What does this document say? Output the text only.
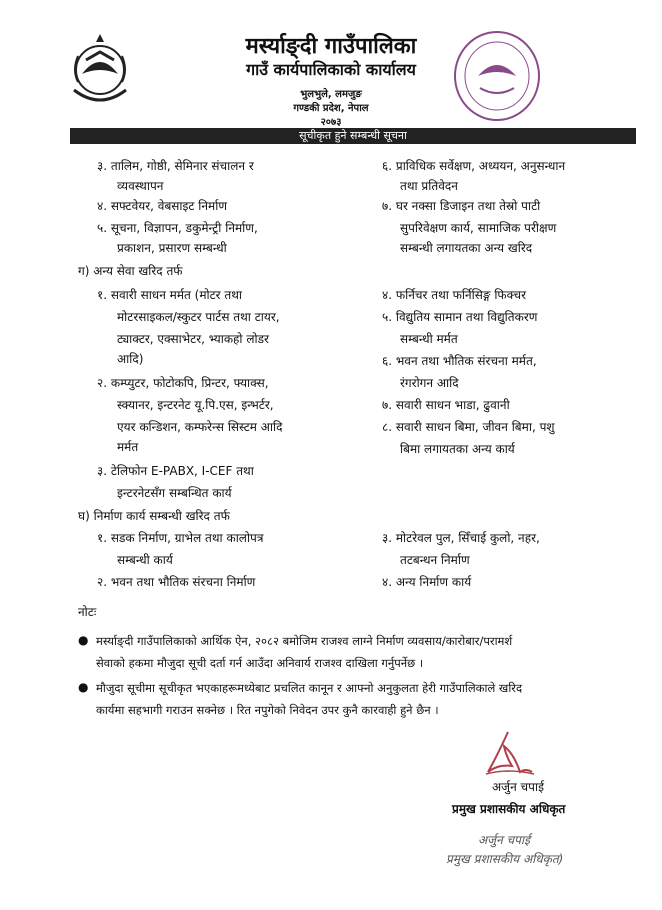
मर्स्याङ्दी गाउँपालिका
गाउँ कार्यपालिकाको कार्यालय
भुलभुले, लमजुङ
गण्डकी प्रदेश, नेपाल
२०७३
सूचीकृत हुने सम्बन्धी सूचना
३. तालिम, गोष्ठी, सेमिनार संचालन र
व्यवस्थापन
४. सफ्टवेयर, वेबसाइट निर्माण
५. सूचना, विज्ञापन, डकुमेन्ट्री निर्माण,
प्रकाशन, प्रसारण सम्बन्धी
६. प्राविधिक सर्वेक्षण, अध्ययन, अनुसन्धान
तथा प्रतिवेदन
७. घर नक्सा डिजाइन तथा तेस्रो पाटी
सुपरिवेक्षण कार्य, सामाजिक परीक्षण
सम्बन्धी लगायतका अन्य खरिद
ग) अन्य सेवा खरिद तर्फ
१. सवारी साधन मर्मत (मोटर तथा
मोटरसाइकल/स्कुटर पार्टस तथा टायर,
ट्याक्टर, एक्साभेटर, भ्याकहो लोडर
आदि)
२. कम्प्युटर, फोटोकपि, प्रिन्टर, फ्याक्स,
स्क्यानर, इन्टरनेट यू.पि.एस, इन्भर्टर,
एयर कन्डिशन, कम्फरेन्स सिस्टम आदि
मर्मत
३. टेलिफोन E-PABX, I-CEF तथा
इन्टरनेटसँग सम्बन्धित कार्य
४. फर्निचर तथा फर्निसिङ्ग फिक्चर
५. विद्युतिय सामान तथा विद्युतिकरण
सम्बन्धी मर्मत
६. भवन तथा भौतिक संरचना मर्मत,
रंगरोगन आदि
७. सवारी साधन भाडा, ढुवानी
८. सवारी साधन बिमा, जीवन बिमा, पशु
बिमा लगायतका अन्य कार्य
घ) निर्माण कार्य सम्बन्धी खरिद तर्फ
१. सडक निर्माण, ग्राभेल तथा कालोपत्र
सम्बन्धी कार्य
२. भवन तथा भौतिक संरचना निर्माण
३. मोटरेवल पुल, सिँचाई कुलो, नहर,
तटबन्धन निर्माण
४. अन्य निर्माण कार्य
नोटः
● मर्स्याङ्दी गाउँपालिकाको आर्थिक ऐन, २०८२ बमोजिम राजश्व लाग्ने निर्माण व्यवसाय/कारोबार/परामर्श
सेवाको हकमा मौजुदा सूची दर्ता गर्न आउँदा अनिवार्य राजश्व दाखिला गर्नुपर्नेछ ।
● मौजुदा सूचीमा सूचीकृत भएकाहरूमध्येबाट प्रचलित कानून र आफ्नो अनुकुलता हेरी गाउँपालिकाले खरिद
कार्यमा सहभागी गराउन सक्नेछ । रित नपुगेको निवेदन उपर कुनै कारवाही हुने छैन ।
अर्जुन चपाई
प्रमुख प्रशासकीय अधिकृत
अर्जुन चपाई
प्रमुख प्रशासकीय अधिकृत)
